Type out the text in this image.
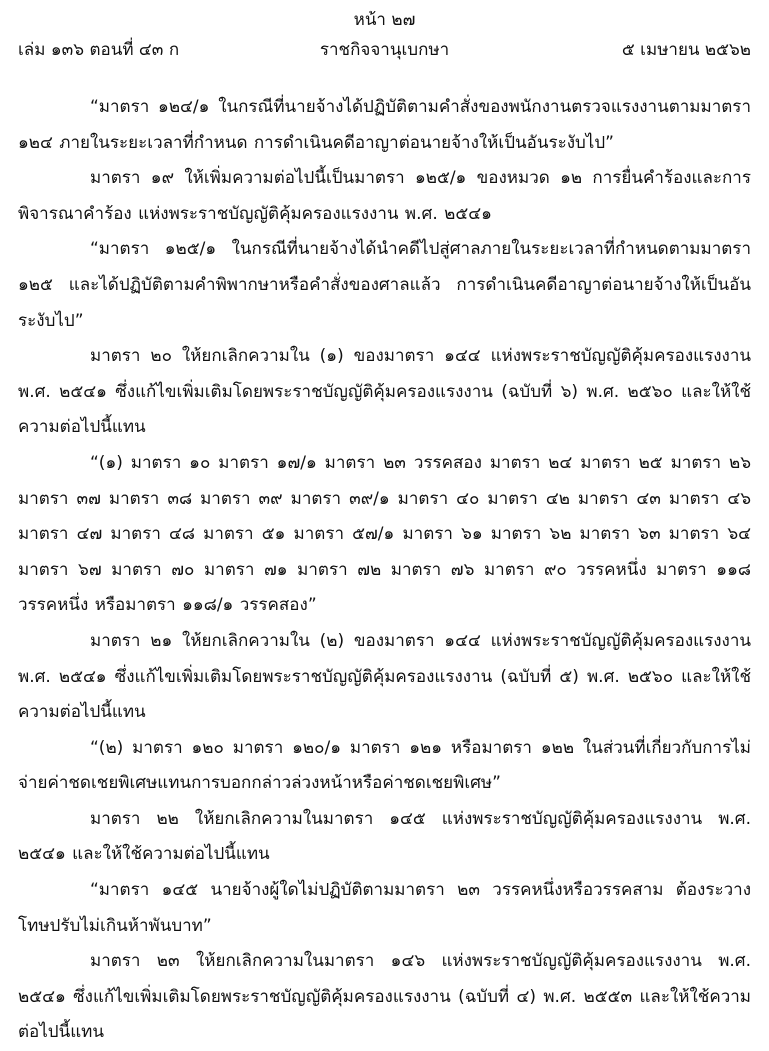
หน้า ๒๗
เล่ม ๑๓๖ ตอนที่ ๔๓ ก	ราชกิจจานุเบกษา	๕ เมษายน ๒๕๖๒

“มาตรา ๑๒๔/๑ ในกรณีที่นายจ้างได้ปฏิบัติตามคำสั่งของพนักงานตรวจแรงงานตามมาตรา ๑๒๔ ภายในระยะเวลาที่กำหนด การดำเนินคดีอาญาต่อนายจ้างให้เป็นอันระงับไป”

มาตรา ๑๙ ให้เพิ่มความต่อไปนี้เป็นมาตรา ๑๒๕/๑ ของหมวด ๑๒ การยื่นคำร้องและการพิจารณาคำร้อง แห่งพระราชบัญญัติคุ้มครองแรงงาน พ.ศ. ๒๕๔๑

“มาตรา ๑๒๕/๑ ในกรณีที่นายจ้างได้นำคดีไปสู่ศาลภายในระยะเวลาที่กำหนดตามมาตรา ๑๒๕ และได้ปฏิบัติตามคำพิพากษาหรือคำสั่งของศาลแล้ว การดำเนินคดีอาญาต่อนายจ้างให้เป็นอันระงับไป”

มาตรา ๒๐ ให้ยกเลิกความใน (๑) ของมาตรา ๑๔๔ แห่งพระราชบัญญัติคุ้มครองแรงงาน พ.ศ. ๒๕๔๑ ซึ่งแก้ไขเพิ่มเติมโดยพระราชบัญญัติคุ้มครองแรงงาน (ฉบับที่ ๖) พ.ศ. ๒๕๖๐ และให้ใช้ความต่อไปนี้แทน

“(๑) มาตรา ๑๐ มาตรา ๑๗/๑ มาตรา ๒๓ วรรคสอง มาตรา ๒๔ มาตรา ๒๕ มาตรา ๒๖ มาตรา ๓๗ มาตรา ๓๘ มาตรา ๓๙ มาตรา ๓๙/๑ มาตรา ๔๐ มาตรา ๔๒ มาตรา ๔๓ มาตรา ๔๖ มาตรา ๔๗ มาตรา ๔๘ มาตรา ๕๑ มาตรา ๕๗/๑ มาตรา ๖๑ มาตรา ๖๒ มาตรา ๖๓ มาตรา ๖๔ มาตรา ๖๗ มาตรา ๗๐ มาตรา ๗๑ มาตรา ๗๒ มาตรา ๗๖ มาตรา ๙๐ วรรคหนึ่ง มาตรา ๑๑๘ วรรคหนึ่ง หรือมาตรา ๑๑๘/๑ วรรคสอง”

มาตรา ๒๑ ให้ยกเลิกความใน (๒) ของมาตรา ๑๔๔ แห่งพระราชบัญญัติคุ้มครองแรงงาน พ.ศ. ๒๕๔๑ ซึ่งแก้ไขเพิ่มเติมโดยพระราชบัญญัติคุ้มครองแรงงาน (ฉบับที่ ๕) พ.ศ. ๒๕๖๐ และให้ใช้ความต่อไปนี้แทน

“(๒) มาตรา ๑๒๐ มาตรา ๑๒๐/๑ มาตรา ๑๒๑ หรือมาตรา ๑๒๒ ในส่วนที่เกี่ยวกับการไม่จ่ายค่าชดเชยพิเศษแทนการบอกกล่าวล่วงหน้าหรือค่าชดเชยพิเศษ”

มาตรา ๒๒ ให้ยกเลิกความในมาตรา ๑๔๕ แห่งพระราชบัญญัติคุ้มครองแรงงาน พ.ศ. ๒๕๔๑ และให้ใช้ความต่อไปนี้แทน

“มาตรา ๑๔๕ นายจ้างผู้ใดไม่ปฏิบัติตามมาตรา ๒๓ วรรคหนึ่งหรือวรรคสาม ต้องระวางโทษปรับไม่เกินห้าพันบาท”

มาตรา ๒๓ ให้ยกเลิกความในมาตรา ๑๔๖ แห่งพระราชบัญญัติคุ้มครองแรงงาน พ.ศ. ๒๕๔๑ ซึ่งแก้ไขเพิ่มเติมโดยพระราชบัญญัติคุ้มครองแรงงาน (ฉบับที่ ๔) พ.ศ. ๒๕๕๓ และให้ใช้ความต่อไปนี้แทน
